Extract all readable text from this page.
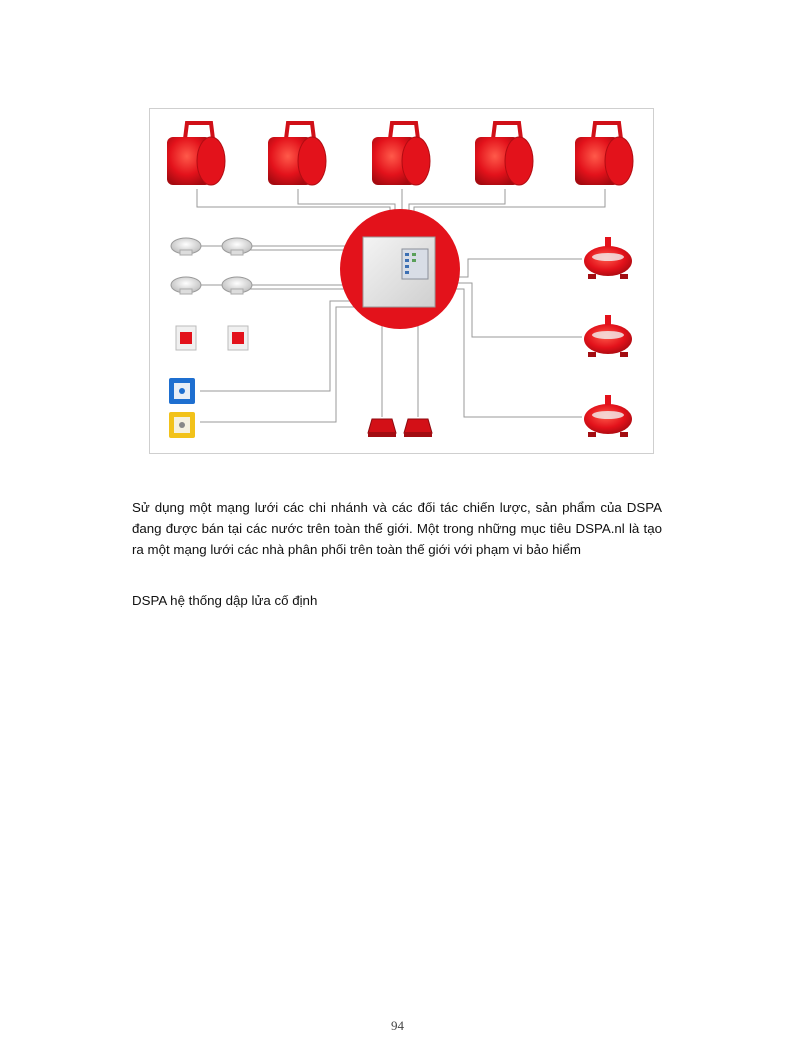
Sử dụng một mạng lưới các chi nhánh và các đối tác chiến lược, sản phẩm của DSPA đang được bán tại các nước trên toàn thế giới. Một trong những mục tiêu DSPA.nl là tạo ra một mạng lưới các nhà phân phối trên toàn thế giới với phạm vi bảo hiểm

DSPA hệ thống dập lửa cố định

94
